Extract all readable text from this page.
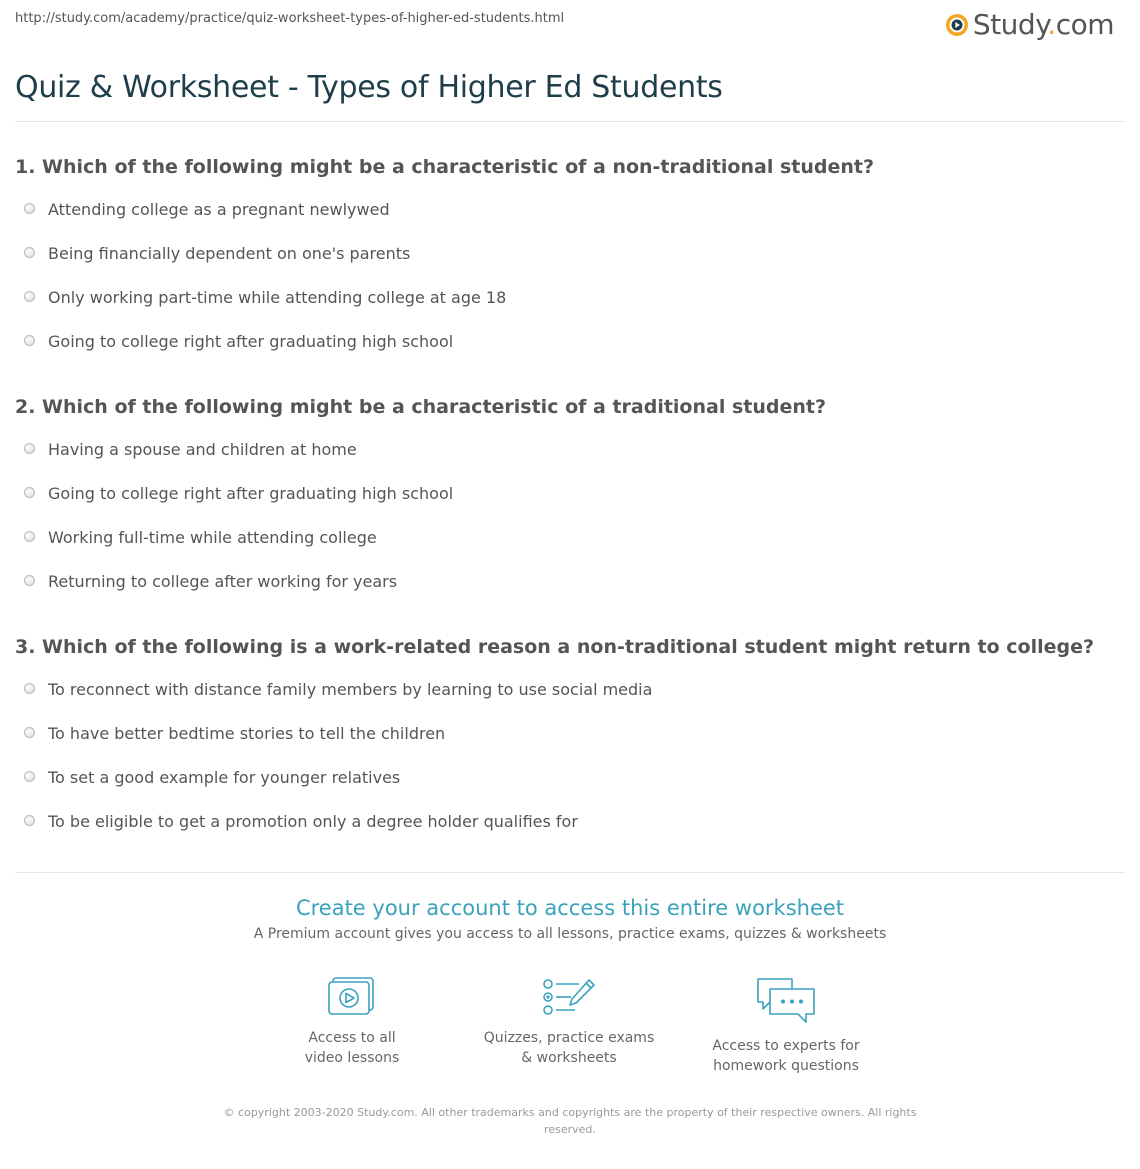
http://study.com/academy/practice/quiz-worksheet-types-of-higher-ed-students.html	Study.com
Quiz & Worksheet - Types of Higher Ed Students

1. Which of the following might be a characteristic of a non-traditional student?

Attending college as a pregnant newlywed
Being financially dependent on one's parents
Only working part-time while attending college at age 18
Going to college right after graduating high school

2. Which of the following might be a characteristic of a traditional student?

Having a spouse and children at home
Going to college right after graduating high school
Working full-time while attending college
Returning to college after working for years

3. Which of the following is a work-related reason a non-traditional student might return to college?

To reconnect with distance family members by learning to use social media
To have better bedtime stories to tell the children
To set a good example for younger relatives
To be eligible to get a promotion only a degree holder qualifies for
Create your account to access this entire worksheet
A Premium account gives you access to all lessons, practice exams, quizzes & worksheets
Access to all
video lessons
Quizzes, practice exams
& worksheets
Access to experts for
homework questions
© copyright 2003-2020 Study.com. All other trademarks and copyrights are the property of their respective owners. All rights
reserved.
